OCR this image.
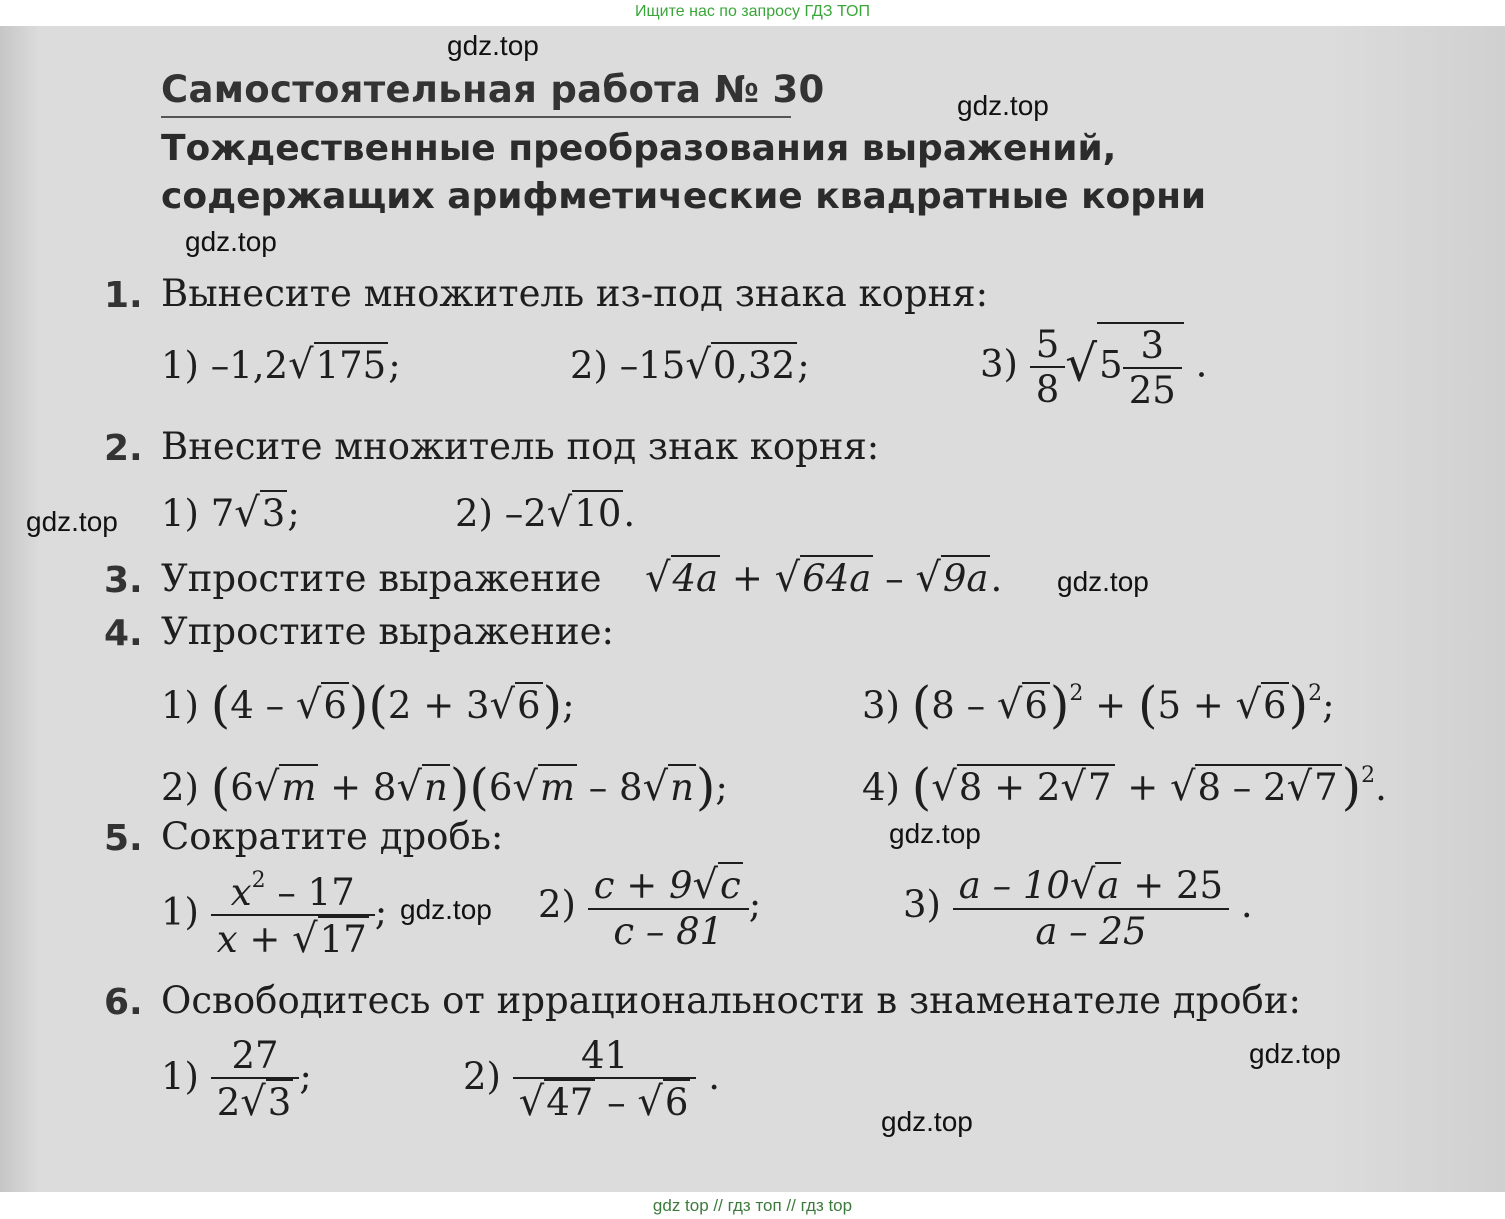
Ищите нас по запросу ГДЗ ТОП
gdz.top
gdz.top
gdz.top
gdz.top
gdz.top
gdz.top
gdz.top
gdz.top
gdz.top
Самостоятельная работа № 30
Тождественные преобразования выражений,
содержащих арифметические квадратные корни
1. Вынесите множитель из-под знака корня:
1) –1,2√175;	2) –15√0,32;	$3) \frac{5}{8} √5 \frac{3}{25}$ .
2. Внесите множитель под знак корня:
1) 7√3;	2) –2√10.
3. Упростите выражение √4a + √64a – √9a.
4. Упростите выражение:
1) (4 – √6)(2 + 3√6);	3) $(8 - √6)^2 + (5 + √6)^2$;
2) (6√m + 8√n)(6√m – 8√n);	4) $(√8 + 2√7 + √8 - 2√7)^2$.
5. Сократите дробь:
$1) \frac{x^2 - 17}{x + √17}$ ;	$2) \frac{c + 9√c}{c - 81}$ ;	$3) \frac{a - 10√a + 25}{a - 25}$ .
6. Освободитесь от иррациональности в знаменателе дроби:
$1) \frac{27}{2√3}$ ;	$2) \frac{41}{√47 - √6}$ .
gdz top // гдз топ // гдз top
